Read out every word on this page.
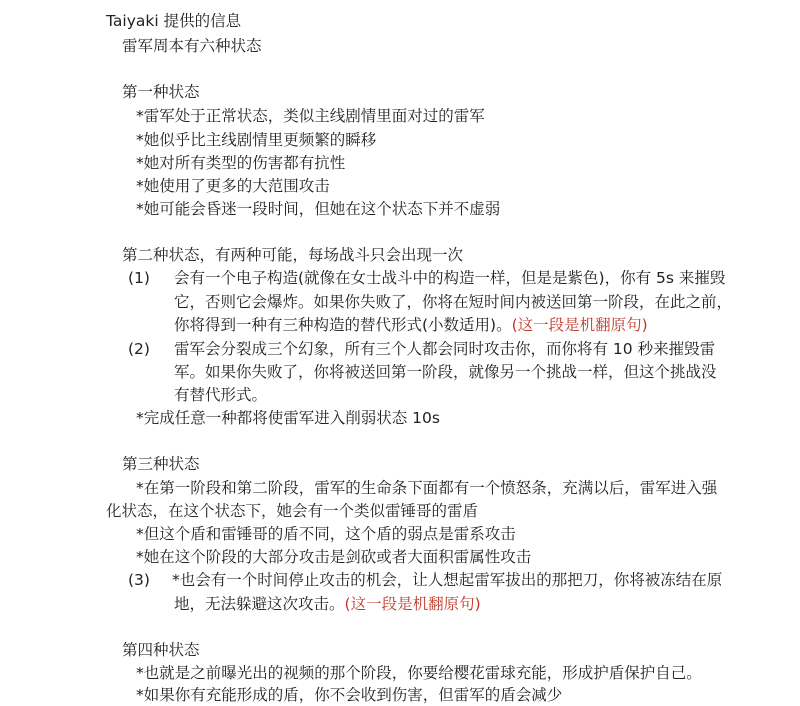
Taiyaki 提供的信息
雷军周本有六种状态
第一种状态
*雷军处于正常状态，类似主线剧情里面对过的雷军
*她似乎比主线剧情里更频繁的瞬移
*她对所有类型的伤害都有抗性
*她使用了更多的大范围攻击
*她可能会昏迷一段时间，但她在这个状态下并不虚弱
第二种状态，有两种可能，每场战斗只会出现一次
(1) 会有一个电子构造(就像在女士战斗中的构造一样，但是是紫色)，你有 5s 来摧毁
它，否则它会爆炸。如果你失败了，你将在短时间内被送回第一阶段，在此之前，
你将得到一种有三种构造的替代形式(小数适用)。(这一段是机翻原句)
(2) 雷军会分裂成三个幻象，所有三个人都会同时攻击你，而你将有 10 秒来摧毁雷
军。如果你失败了，你将被送回第一阶段，就像另一个挑战一样，但这个挑战没
有替代形式。
*完成任意一种都将使雷军进入削弱状态 10s
第三种状态
*在第一阶段和第二阶段，雷军的生命条下面都有一个愤怒条，充满以后，雷军进入强
化状态，在这个状态下，她会有一个类似雷锤哥的雷盾
*但这个盾和雷锤哥的盾不同，这个盾的弱点是雷系攻击
*她在这个阶段的大部分攻击是剑砍或者大面积雷属性攻击
(3) *也会有一个时间停止攻击的机会，让人想起雷军拔出的那把刀，你将被冻结在原
地，无法躲避这次攻击。(这一段是机翻原句)
第四种状态
*也就是之前曝光出的视频的那个阶段，你要给樱花雷球充能，形成护盾保护自己。
*如果你有充能形成的盾，你不会收到伤害，但雷军的盾会减少
